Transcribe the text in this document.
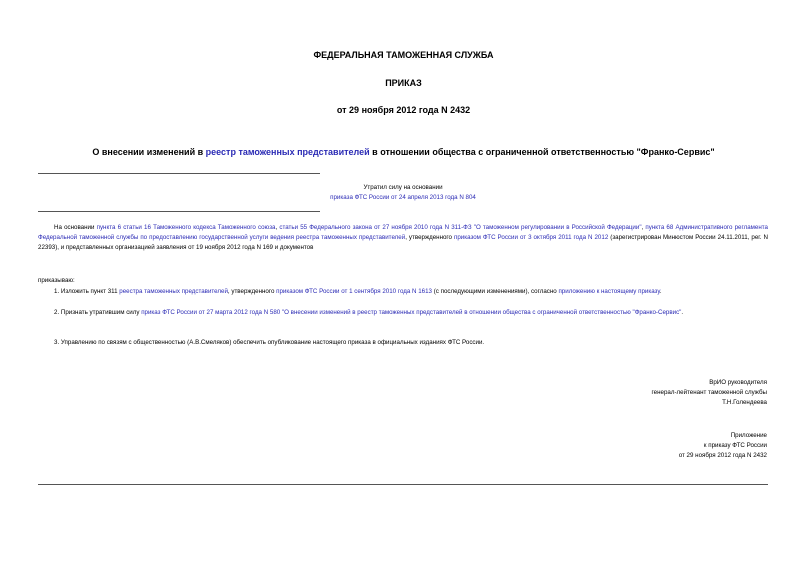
ФЕДЕРАЛЬНАЯ ТАМОЖЕННАЯ СЛУЖБА
ПРИКАЗ
от 29 ноября 2012 года N 2432
О внесении изменений в реестр таможенных представителей в отношении общества с ограниченной ответственностью "Франко-Сервис"
Утратил силу на основании
приказа ФТС России от 24 апреля 2013 года N 804
На основании пункта 6 статьи 16 Таможенного кодекса Таможенного союза, статьи 55 Федерального закона от 27 ноября 2010 года N 311-ФЗ "О таможенном регулировании в Российской Федерации", пункта 68 Административного регламента Федеральной таможенной службы по предоставлению государственной услуги ведения реестра таможенных представителей, утвержденного приказом ФТС России от 3 октября 2011 года N 2012 (зарегистрирован Минюстом России 24.11.2011, рег. N 22393), и представленных организацией заявления от 19 ноября 2012 года N 169 и документов
приказываю:
1. Изложить пункт 311 реестра таможенных представителей, утвержденного приказом ФТС России от 1 сентября 2010 года N 1613 (с последующими изменениями), согласно приложению к настоящему приказу.
2. Признать утратившим силу приказ ФТС России от 27 марта 2012 года N 580 "О внесении изменений в реестр таможенных представителей в отношении общества с ограниченной ответственностью "Франко-Сервис".
3. Управлению по связям с общественностью (А.В.Смеляков) обеспечить опубликование настоящего приказа в официальных изданиях ФТС России.
ВрИО руководителя
генерал-лейтенант таможенной службы
Т.Н.Голендеева
Приложение
к приказу ФТС России
от 29 ноября 2012 года N 2432
